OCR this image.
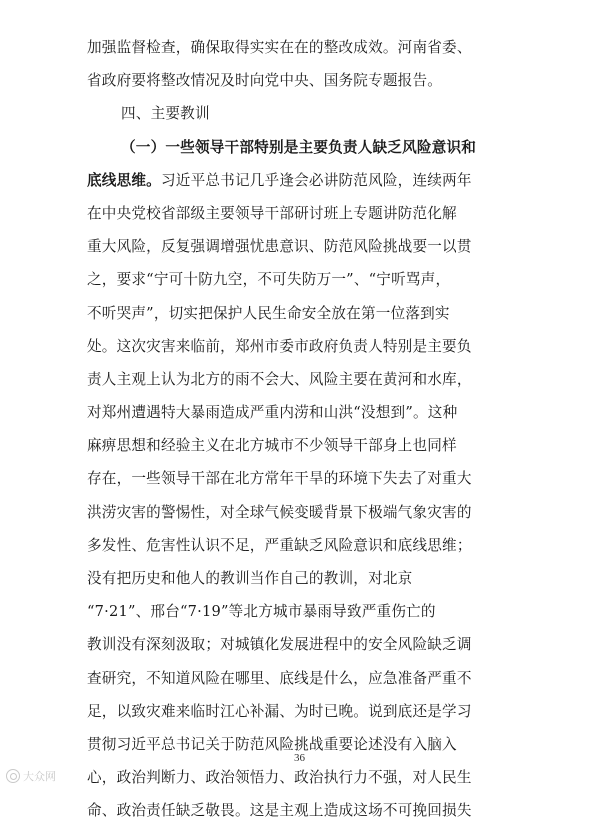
加强监督检查，确保取得实实在在的整改成效。河南省委、
省政府要将整改情况及时向党中央、国务院专题报告。
四、主要教训
（一）一些领导干部特别是主要负责人缺乏风险意识和
底线思维。习近平总书记几乎逢会必讲防范风险，连续两年
在中央党校省部级主要领导干部研讨班上专题讲防范化解
重大风险，反复强调增强忧患意识、防范风险挑战要一以贯
之，要求“宁可十防九空，不可失防万一”、“宁听骂声，
不听哭声”，切实把保护人民生命安全放在第一位落到实
处。这次灾害来临前，郑州市委市政府负责人特别是主要负
责人主观上认为北方的雨不会大、风险主要在黄河和水库，
对郑州遭遇特大暴雨造成严重内涝和山洪“没想到”。这种
麻痹思想和经验主义在北方城市不少领导干部身上也同样
存在，一些领导干部在北方常年干旱的环境下失去了对重大
洪涝灾害的警惕性，对全球气候变暖背景下极端气象灾害的
多发性、危害性认识不足，严重缺乏风险意识和底线思维；
没有把历史和他人的教训当作自己的教训，对北京
“7·21”、邢台“7·19”等北方城市暴雨导致严重伤亡的
教训没有深刻汲取；对城镇化发展进程中的安全风险缺乏调
查研究，不知道风险在哪里、底线是什么，应急准备严重不
足，以致灾难来临时江心补漏、为时已晚。说到底还是学习
贯彻习近平总书记关于防范风险挑战重要论述没有入脑入
心，政治判断力、政治领悟力、政治执行力不强，对人民生
命、政治责任缺乏敬畏。这是主观上造成这场不可挽回损失
36
大众网
